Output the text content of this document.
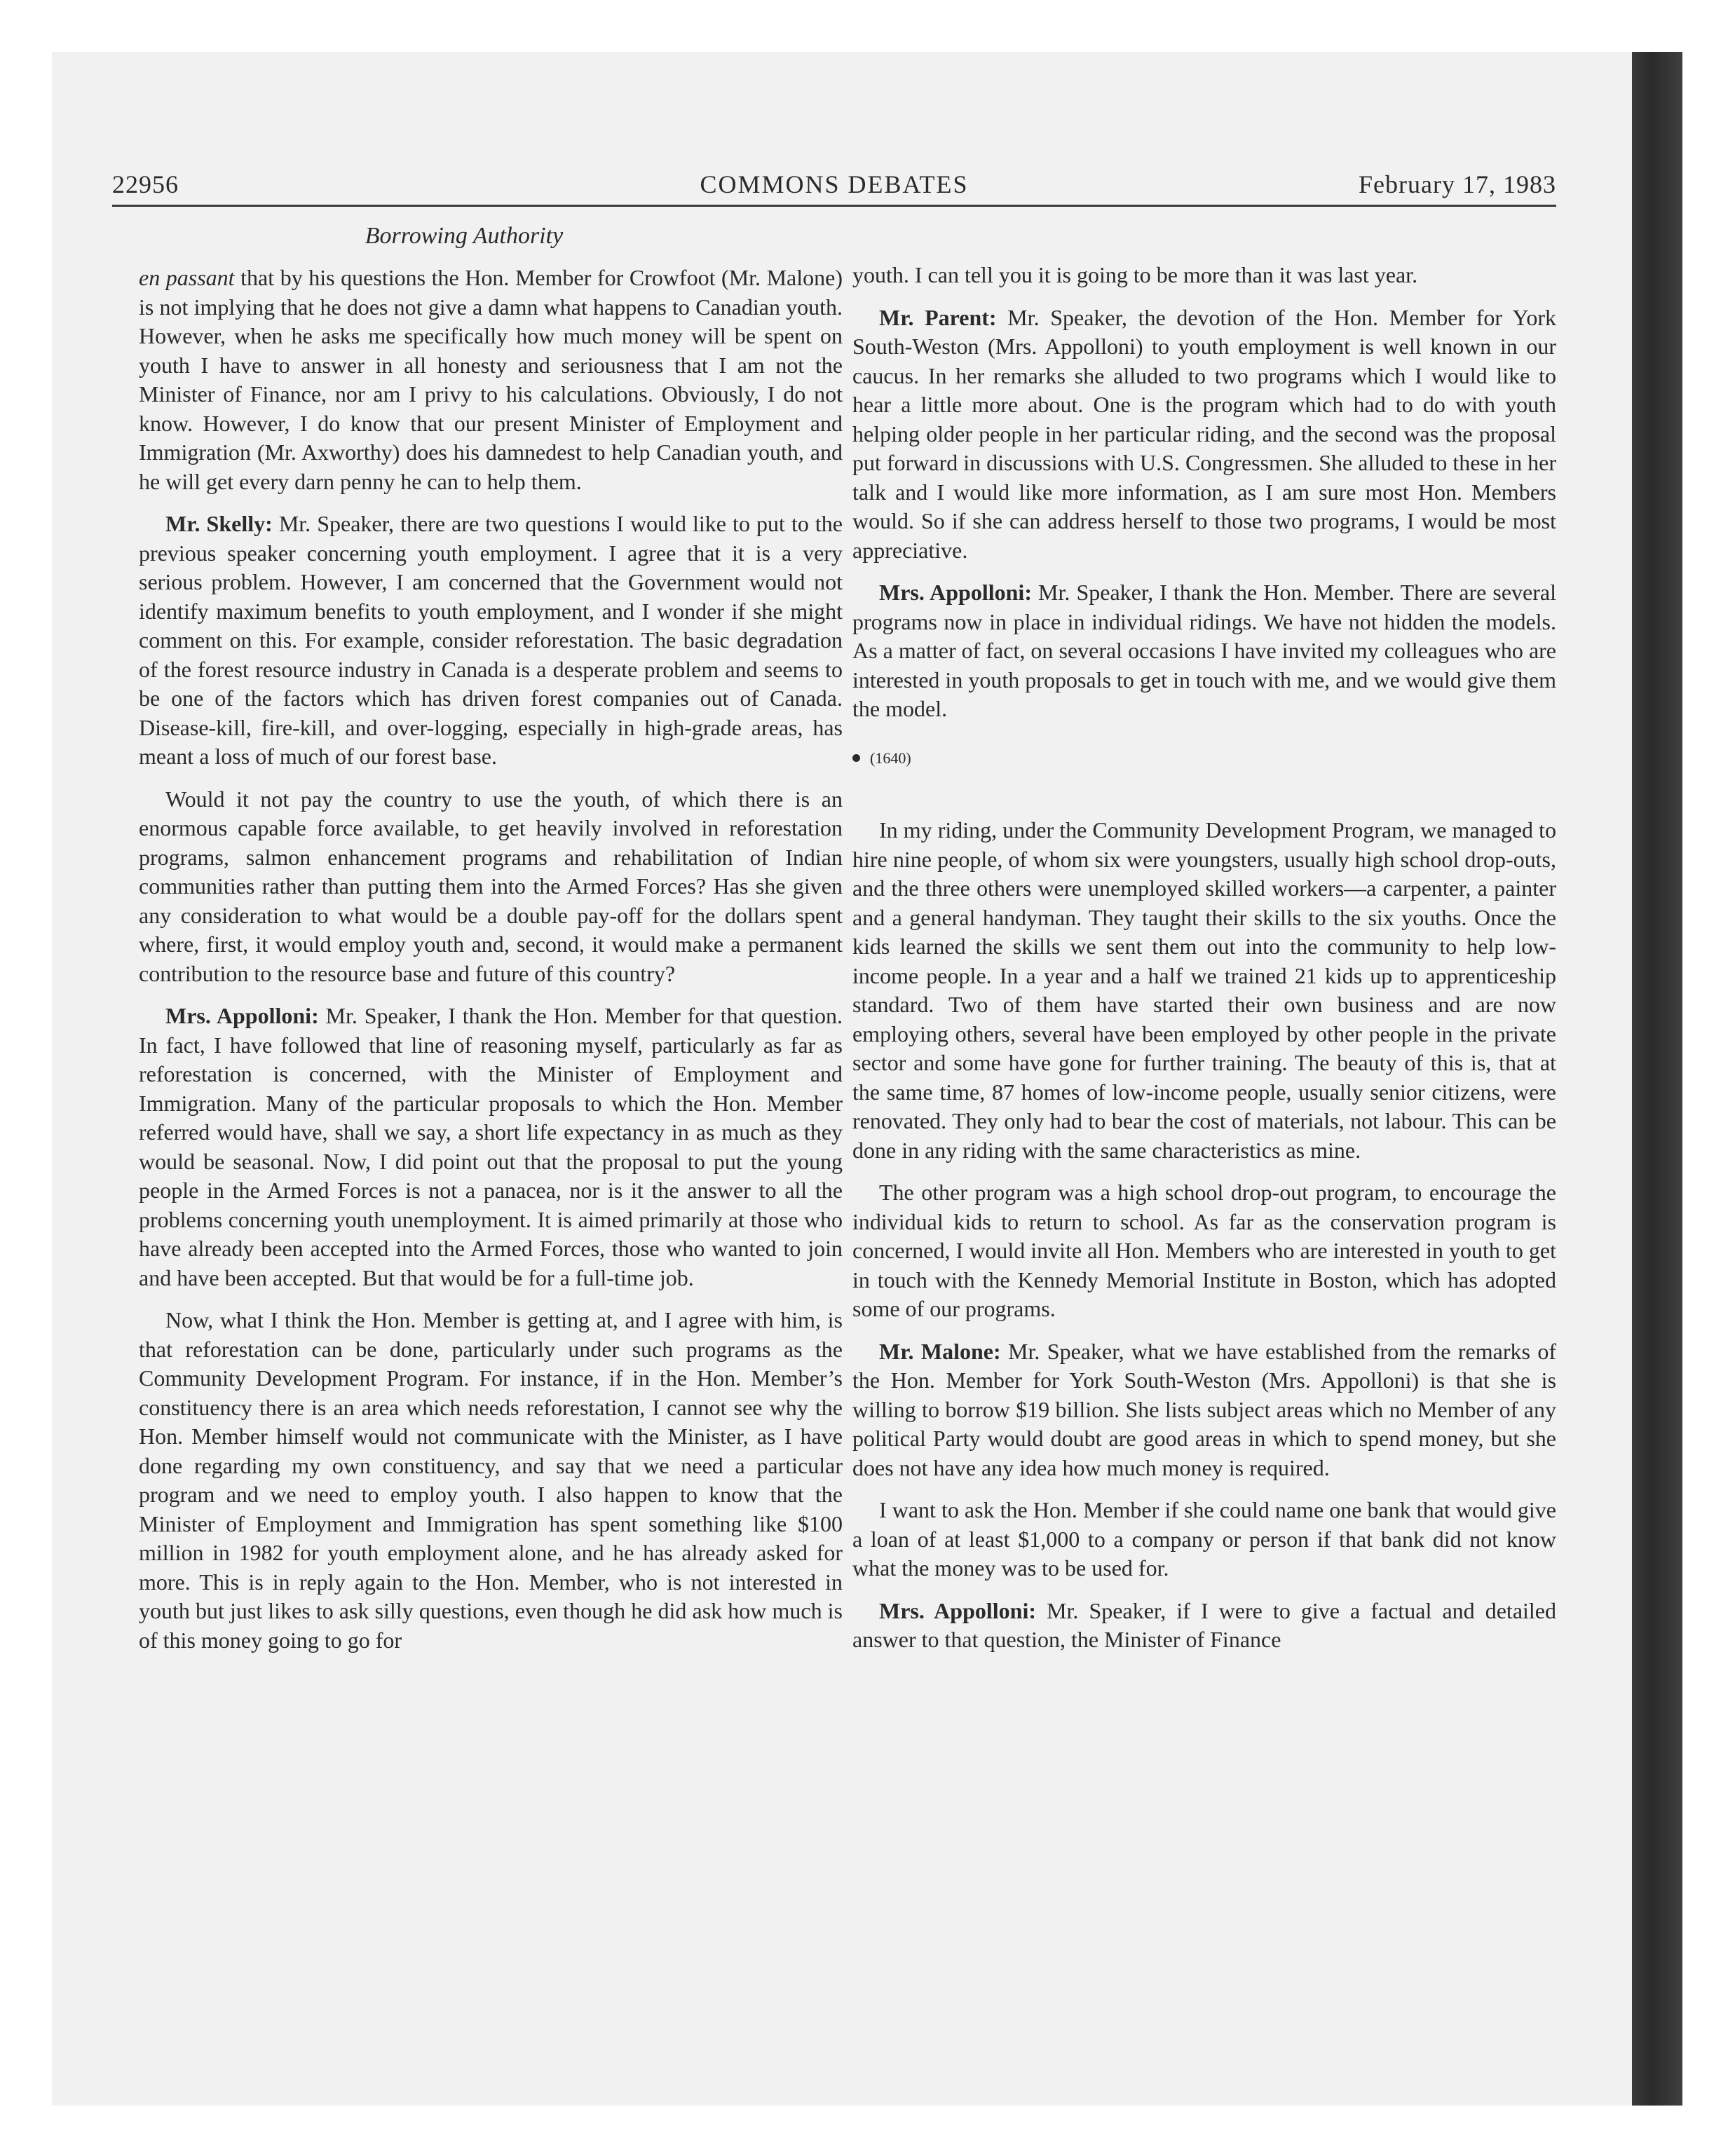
22956	COMMONS DEBATES	February 17, 1983
Borrowing Authority

en passant that by his questions the Hon. Member for Crowfoot (Mr. Malone) is not implying that he does not give a damn what happens to Canadian youth. However, when he asks me specifically how much money will be spent on youth I have to answer in all honesty and seriousness that I am not the Minister of Finance, nor am I privy to his calculations. Obviously, I do not know. However, I do know that our present Minister of Employment and Immigration (Mr. Axworthy) does his damnedest to help Canadian youth, and he will get every darn penny he can to help them.

Mr. Skelly: Mr. Speaker, there are two questions I would like to put to the previous speaker concerning youth employment. I agree that it is a very serious problem. However, I am concerned that the Government would not identify maximum benefits to youth employment, and I wonder if she might comment on this. For example, consider reforestation. The basic degradation of the forest resource industry in Canada is a desperate problem and seems to be one of the factors which has driven forest companies out of Canada. Disease-kill, fire-kill, and over-logging, especially in high-grade areas, has meant a loss of much of our forest base.

Would it not pay the country to use the youth, of which there is an enormous capable force available, to get heavily involved in reforestation programs, salmon enhancement programs and rehabilitation of Indian communities rather than putting them into the Armed Forces? Has she given any consideration to what would be a double pay-off for the dollars spent where, first, it would employ youth and, second, it would make a permanent contribution to the resource base and future of this country?

Mrs. Appolloni: Mr. Speaker, I thank the Hon. Member for that question. In fact, I have followed that line of reasoning myself, particularly as far as reforestation is concerned, with the Minister of Employment and Immigration. Many of the particular proposals to which the Hon. Member referred would have, shall we say, a short life expectancy in as much as they would be seasonal. Now, I did point out that the proposal to put the young people in the Armed Forces is not a panacea, nor is it the answer to all the problems concerning youth unemployment. It is aimed primarily at those who have already been accepted into the Armed Forces, those who wanted to join and have been accepted. But that would be for a full-time job.

Now, what I think the Hon. Member is getting at, and I agree with him, is that reforestation can be done, particularly under such programs as the Community Development Program. For instance, if in the Hon. Member’s constituency there is an area which needs reforestation, I cannot see why the Hon. Member himself would not communicate with the Minister, as I have done regarding my own constituency, and say that we need a particular program and we need to employ youth. I also happen to know that the Minister of Employment and Immigration has spent something like $100 million in 1982 for youth employment alone, and he has already asked for more. This is in reply again to the Hon. Member, who is not interested in youth but just likes to ask silly questions, even though he did ask how much is of this money going to go for

youth. I can tell you it is going to be more than it was last year.

Mr. Parent: Mr. Speaker, the devotion of the Hon. Member for York South-Weston (Mrs. Appolloni) to youth employment is well known in our caucus. In her remarks she alluded to two programs which I would like to hear a little more about. One is the program which had to do with youth helping older people in her particular riding, and the second was the proposal put forward in discussions with U.S. Congressmen. She alluded to these in her talk and I would like more information, as I am sure most Hon. Members would. So if she can address herself to those two programs, I would be most appreciative.

Mrs. Appolloni: Mr. Speaker, I thank the Hon. Member. There are several programs now in place in individual ridings. We have not hidden the models. As a matter of fact, on several occasions I have invited my colleagues who are interested in youth proposals to get in touch with me, and we would give them the model.

(1640)

In my riding, under the Community Development Program, we managed to hire nine people, of whom six were youngsters, usually high school drop-outs, and the three others were unemployed skilled workers—a carpenter, a painter and a general handyman. They taught their skills to the six youths. Once the kids learned the skills we sent them out into the community to help low-income people. In a year and a half we trained 21 kids up to apprenticeship standard. Two of them have started their own business and are now employing others, several have been employed by other people in the private sector and some have gone for further training. The beauty of this is, that at the same time, 87 homes of low-income people, usually senior citizens, were renovated. They only had to bear the cost of materials, not labour. This can be done in any riding with the same characteristics as mine.

The other program was a high school drop-out program, to encourage the individual kids to return to school. As far as the conservation program is concerned, I would invite all Hon. Members who are interested in youth to get in touch with the Kennedy Memorial Institute in Boston, which has adopted some of our programs.

Mr. Malone: Mr. Speaker, what we have established from the remarks of the Hon. Member for York South-Weston (Mrs. Appolloni) is that she is willing to borrow $19 billion. She lists subject areas which no Member of any political Party would doubt are good areas in which to spend money, but she does not have any idea how much money is required.

I want to ask the Hon. Member if she could name one bank that would give a loan of at least $1,000 to a company or person if that bank did not know what the money was to be used for.

Mrs. Appolloni: Mr. Speaker, if I were to give a factual and detailed answer to that question, the Minister of Finance
